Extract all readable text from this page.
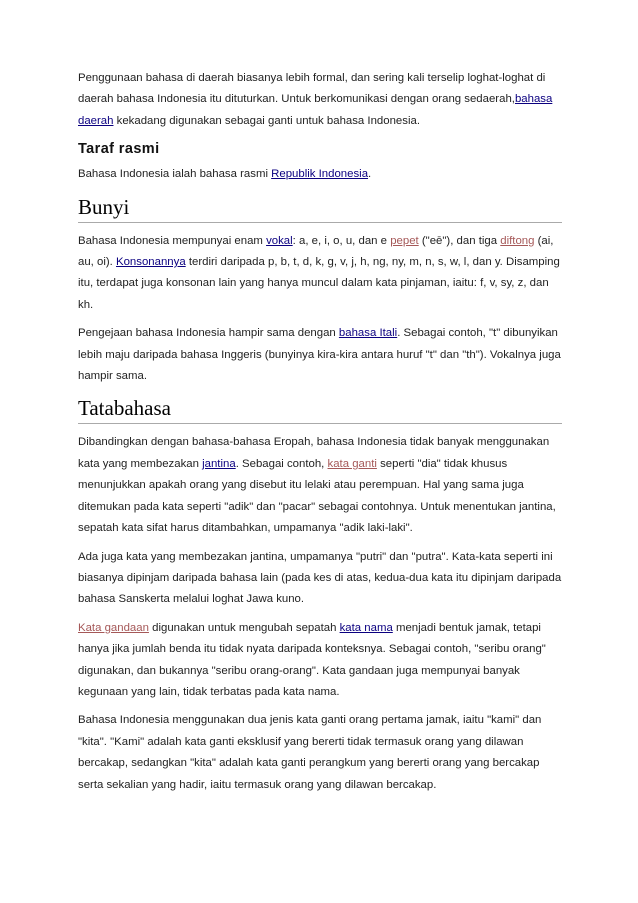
Penggunaan bahasa di daerah biasanya lebih formal, dan sering kali terselip loghat-loghat di daerah bahasa Indonesia itu dituturkan. Untuk berkomunikasi dengan orang sedaerah,bahasa daerah kekadang digunakan sebagai ganti untuk bahasa Indonesia.

Taraf rasmi

Bahasa Indonesia ialah bahasa rasmi Republik Indonesia.

Bunyi

Bahasa Indonesia mempunyai enam vokal: a, e, i, o, u, dan e pepet ("eē"), dan tiga diftong (ai, au, oi). Konsonannya terdiri daripada p, b, t, d, k, g, v, j, h, ng, ny, m, n, s, w, l, dan y. Disamping itu, terdapat juga konsonan lain yang hanya muncul dalam kata pinjaman, iaitu: f, v, sy, z, dan kh.

Pengejaan bahasa Indonesia hampir sama dengan bahasa Itali. Sebagai contoh, "t" dibunyikan lebih maju daripada bahasa Inggeris (bunyinya kira-kira antara huruf "t" dan "th"). Vokalnya juga hampir sama.

Tatabahasa

Dibandingkan dengan bahasa-bahasa Eropah, bahasa Indonesia tidak banyak menggunakan kata yang membezakan jantina. Sebagai contoh, kata ganti seperti "dia" tidak khusus menunjukkan apakah orang yang disebut itu lelaki atau perempuan. Hal yang sama juga ditemukan pada kata seperti "adik" dan "pacar" sebagai contohnya. Untuk menentukan jantina, sepatah kata sifat harus ditambahkan, umpamanya "adik laki-laki".

Ada juga kata yang membezakan jantina, umpamanya "putri" dan "putra". Kata-kata seperti ini biasanya dipinjam daripada bahasa lain (pada kes di atas, kedua-dua kata itu dipinjam daripada bahasa Sanskerta melalui loghat Jawa kuno.

Kata gandaan digunakan untuk mengubah sepatah kata nama menjadi bentuk jamak, tetapi hanya jika jumlah benda itu tidak nyata daripada konteksnya. Sebagai contoh, "seribu orang" digunakan, dan bukannya "seribu orang-orang". Kata gandaan juga mempunyai banyak kegunaan yang lain, tidak terbatas pada kata nama.

Bahasa Indonesia menggunakan dua jenis kata ganti orang pertama jamak, iaitu "kami" dan "kita". "Kami" adalah kata ganti eksklusif yang bererti tidak termasuk orang yang dilawan bercakap, sedangkan "kita" adalah kata ganti perangkum yang bererti orang yang bercakap serta sekalian yang hadir, iaitu termasuk orang yang dilawan bercakap.
